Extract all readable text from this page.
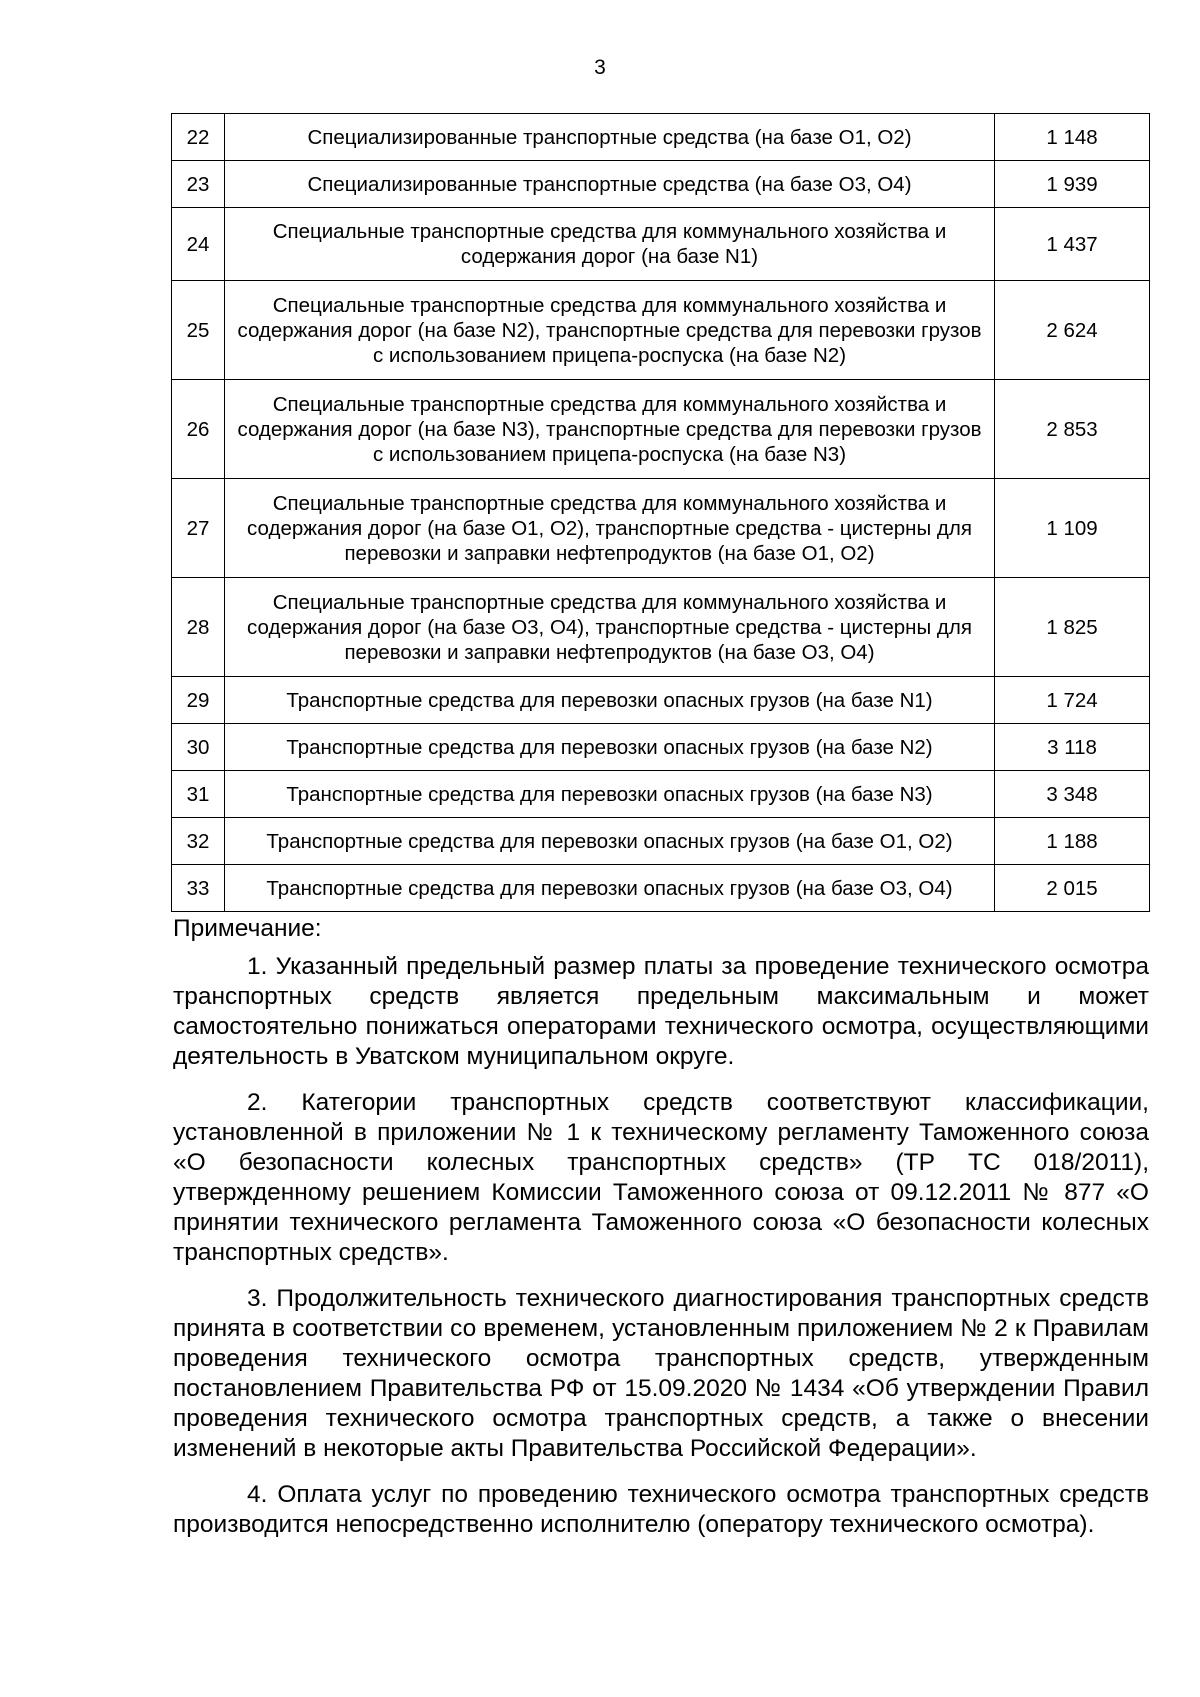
3
22	Специализированные транспортные средства (на базе O1, O2)	1 148
23	Специализированные транспортные средства (на базе O3, O4)	1 939
24	Специальные транспортные средства для коммунального хозяйства и содержания дорог (на базе N1)	1 437
25	Специальные транспортные средства для коммунального хозяйства и содержания дорог (на базе N2), транспортные средства для перевозки грузов с использованием прицепа-роспуска (на базе N2)	2 624
26	Специальные транспортные средства для коммунального хозяйства и содержания дорог (на базе N3), транспортные средства для перевозки грузов с использованием прицепа-роспуска (на базе N3)	2 853
27	Специальные транспортные средства для коммунального хозяйства и содержания дорог (на базе O1, O2), транспортные средства - цистерны для перевозки и заправки нефтепродуктов (на базе O1, O2)	1 109
28	Специальные транспортные средства для коммунального хозяйства и содержания дорог (на базе O3, O4), транспортные средства - цистерны для перевозки и заправки нефтепродуктов (на базе O3, O4)	1 825
29	Транспортные средства для перевозки опасных грузов (на базе N1)	1 724
30	Транспортные средства для перевозки опасных грузов (на базе N2)	3 118
31	Транспортные средства для перевозки опасных грузов (на базе N3)	3 348
32	Транспортные средства для перевозки опасных грузов (на базе O1, O2)	1 188
33	Транспортные средства для перевозки опасных грузов (на базе O3, O4)	2 015
Примечание:

1. Указанный предельный размер платы за проведение технического осмотра транспортных средств является предельным максимальным и может самостоятельно понижаться операторами технического осмотра, осуществляющими деятельность в Уватском муниципальном округе.

2. Категории транспортных средств соответствуют классификации, установленной в приложении № 1 к техническому регламенту Таможенного союза «О безопасности колесных транспортных средств» (ТР ТС 018/2011), утвержденному решением Комиссии Таможенного союза от 09.12.2011 № 877 «О принятии технического регламента Таможенного союза «О безопасности колесных транспортных средств».

3. Продолжительность технического диагностирования транспортных средств принята в соответствии со временем, установленным приложением № 2 к Правилам проведения технического осмотра транспортных средств, утвержденным постановлением Правительства РФ от 15.09.2020 № 1434 «Об утверждении Правил проведения технического осмотра транспортных средств, а также о внесении изменений в некоторые акты Правительства Российской Федерации».

4. Оплата услуг по проведению технического осмотра транспортных средств производится непосредственно исполнителю (оператору технического осмотра).
